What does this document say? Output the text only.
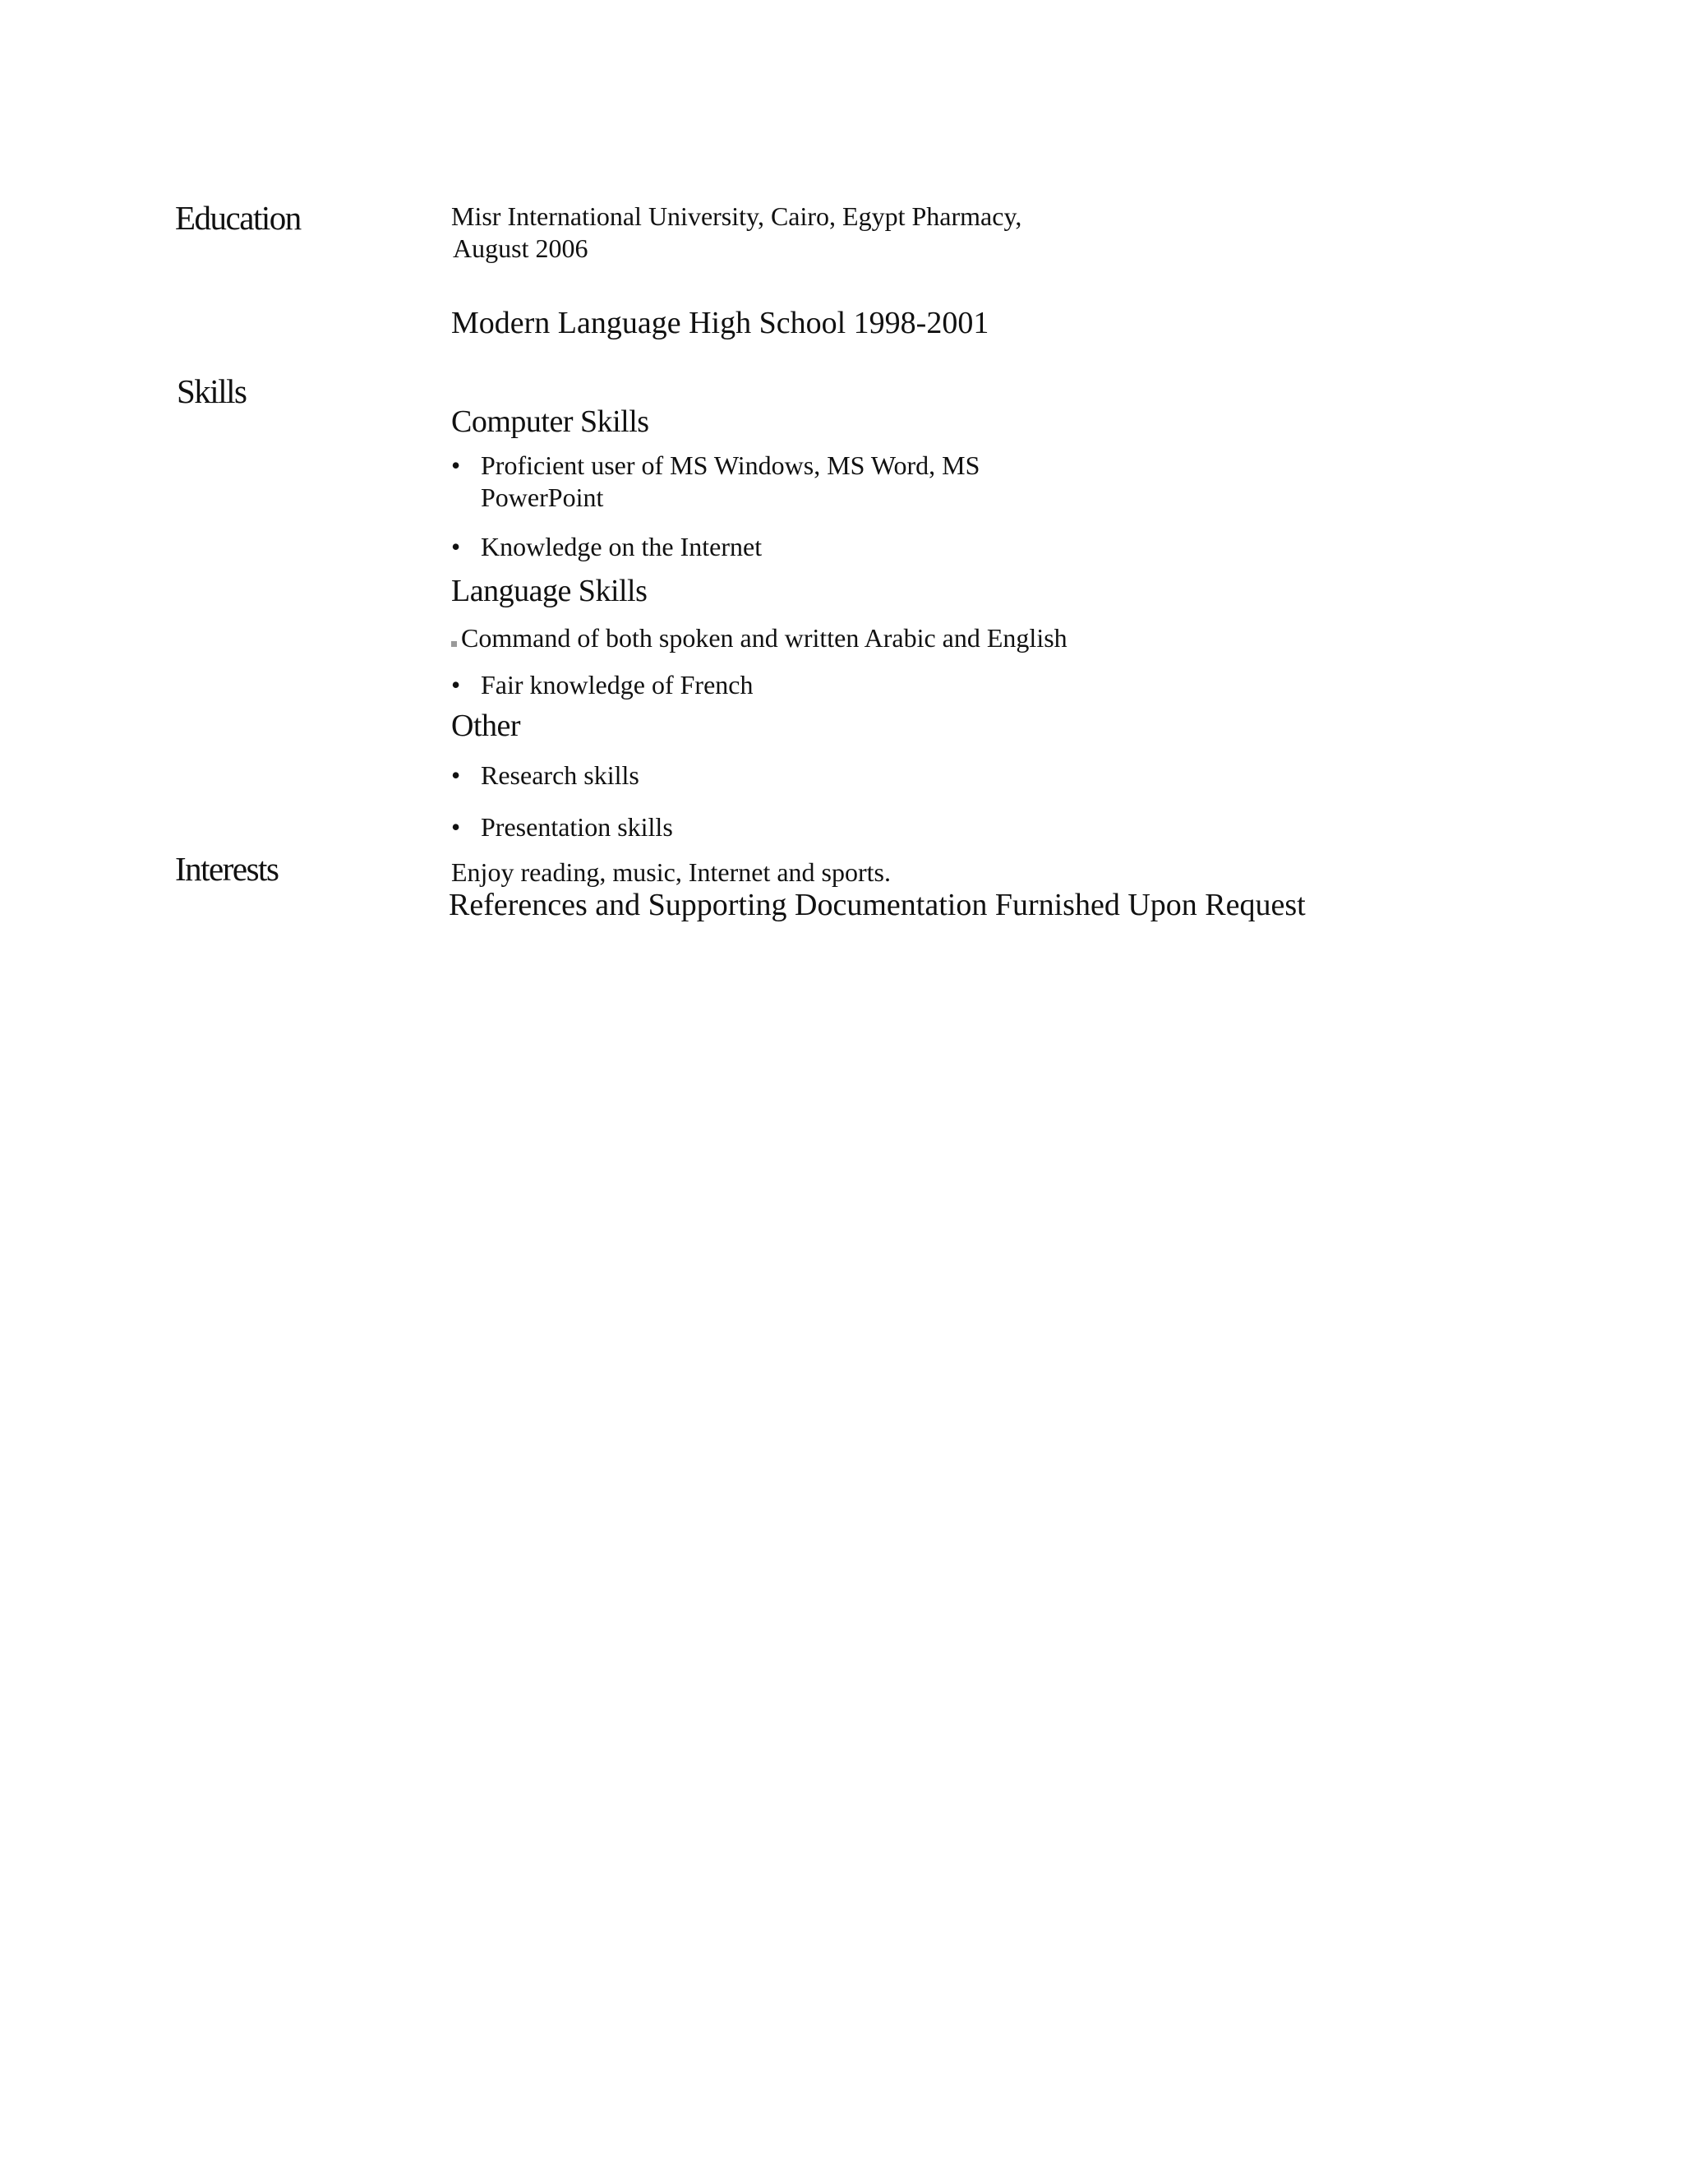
Education	Misr International University, Cairo, Egypt Pharmacy,
August 2006
Modern Language High School 1998-2001
Skills
Computer Skills
• Proficient user of MS Windows, MS Word, MS
PowerPoint
• Knowledge on the Internet
Language Skills
Command of both spoken and written Arabic and English
• Fair knowledge of French
Other
• Research skills
• Presentation skills
Interests	Enjoy reading, music, Internet and sports.
References and Supporting Documentation Furnished Upon Request
